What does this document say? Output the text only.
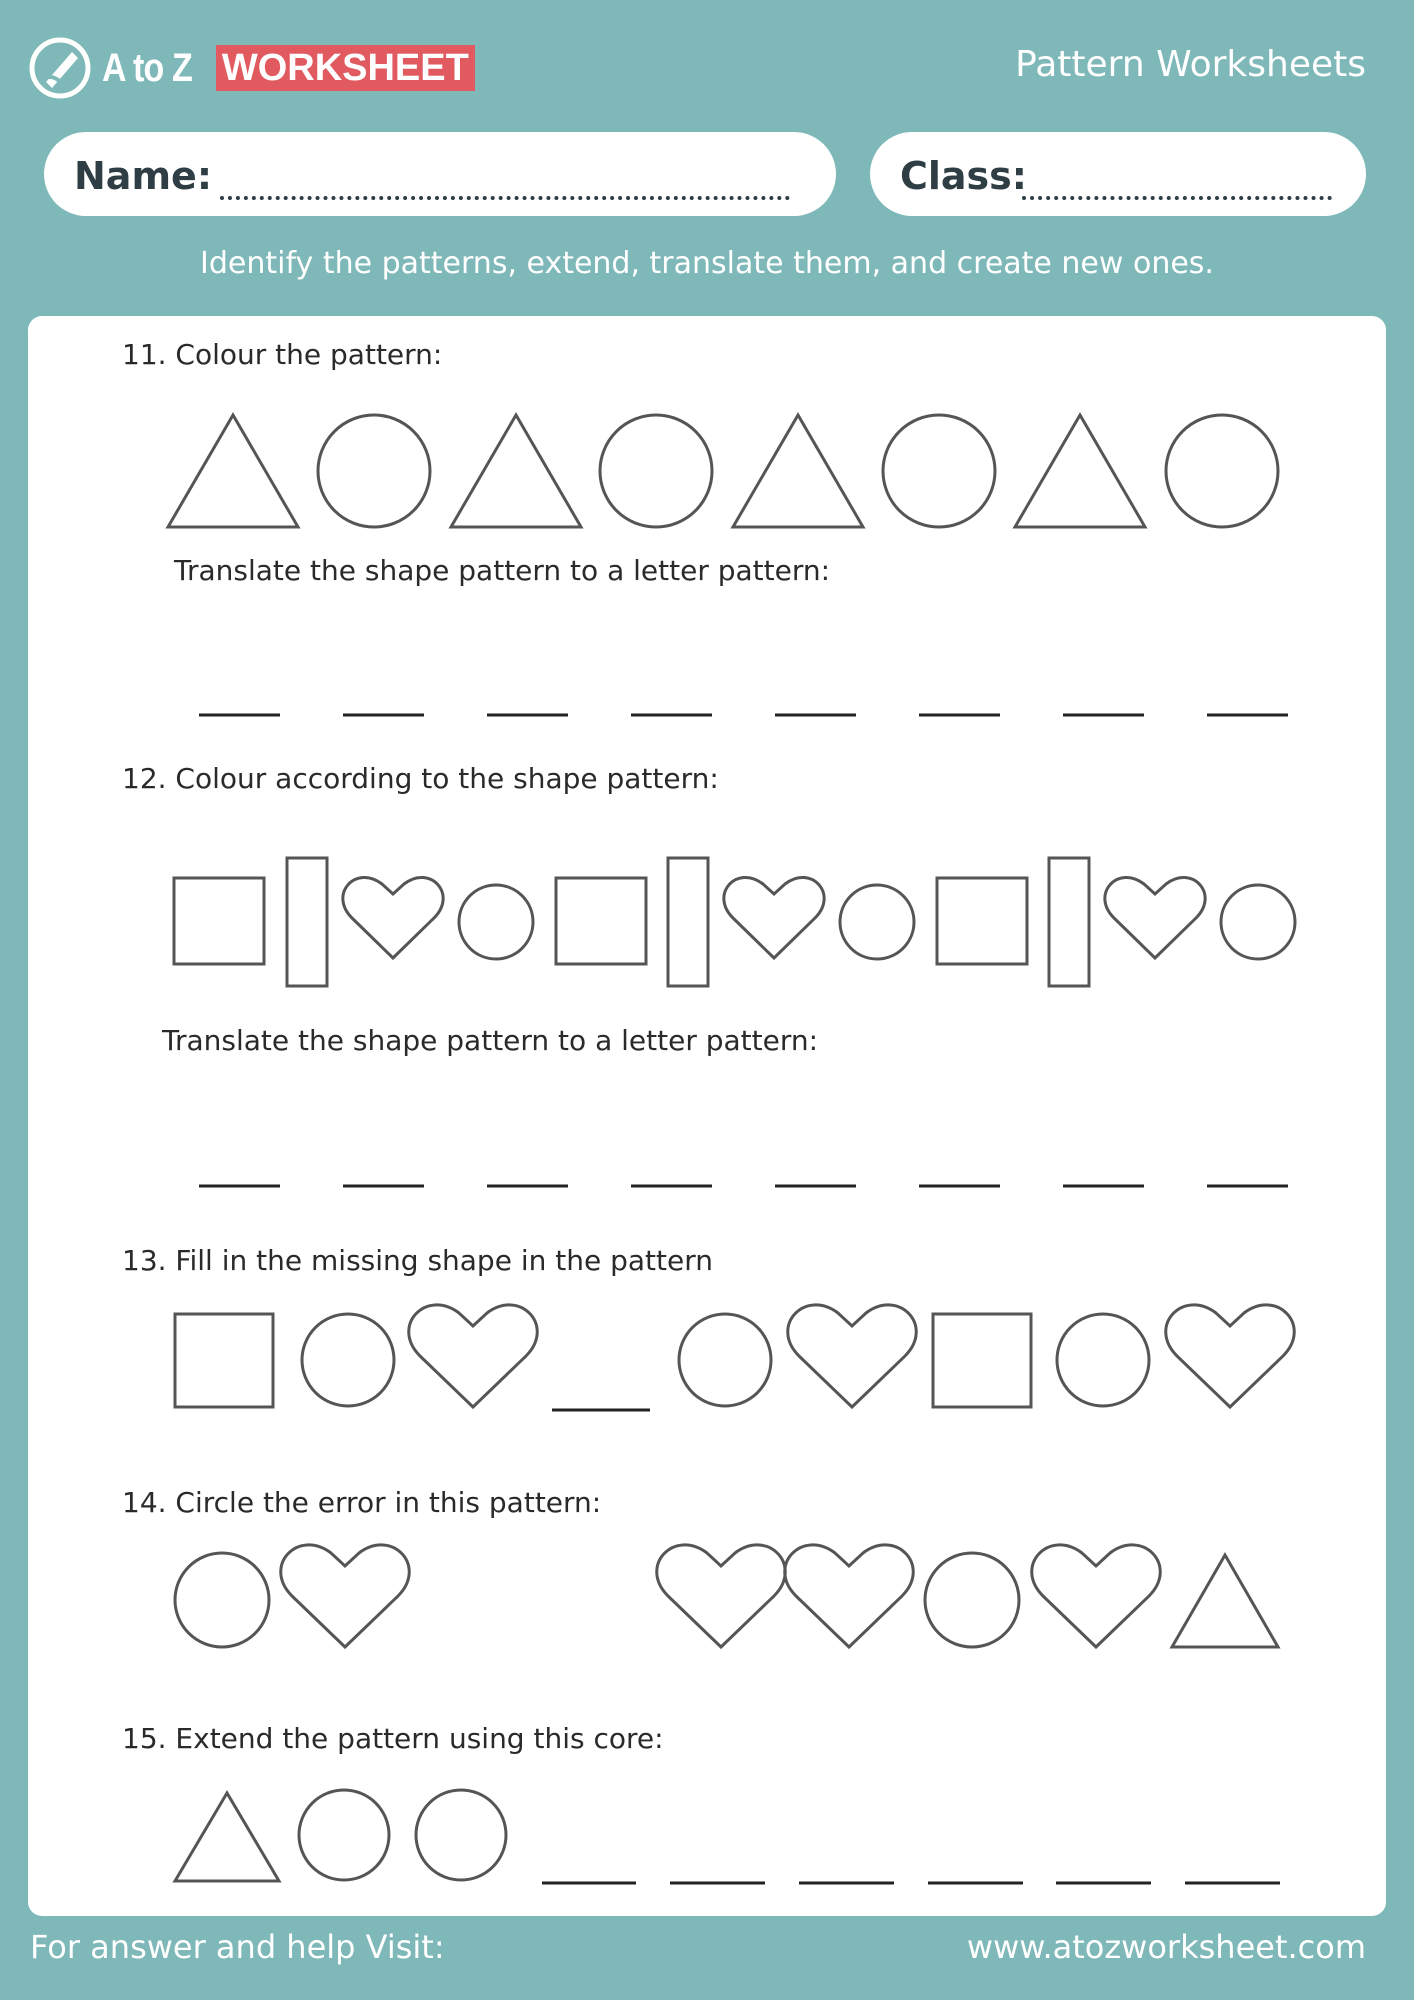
A to Z WORKSHEET	Pattern Worksheets
Name:	Class:
Identify the patterns, extend, translate them, and create new ones.
11. Colour the pattern:
Translate the shape pattern to a letter pattern:
12. Colour according to the shape pattern:
Translate the shape pattern to a letter pattern:
13. Fill in the missing shape in the pattern
14. Circle the error in this pattern:
15. Extend the pattern using this core:
For answer and help Visit:	www.atozworksheet.com
